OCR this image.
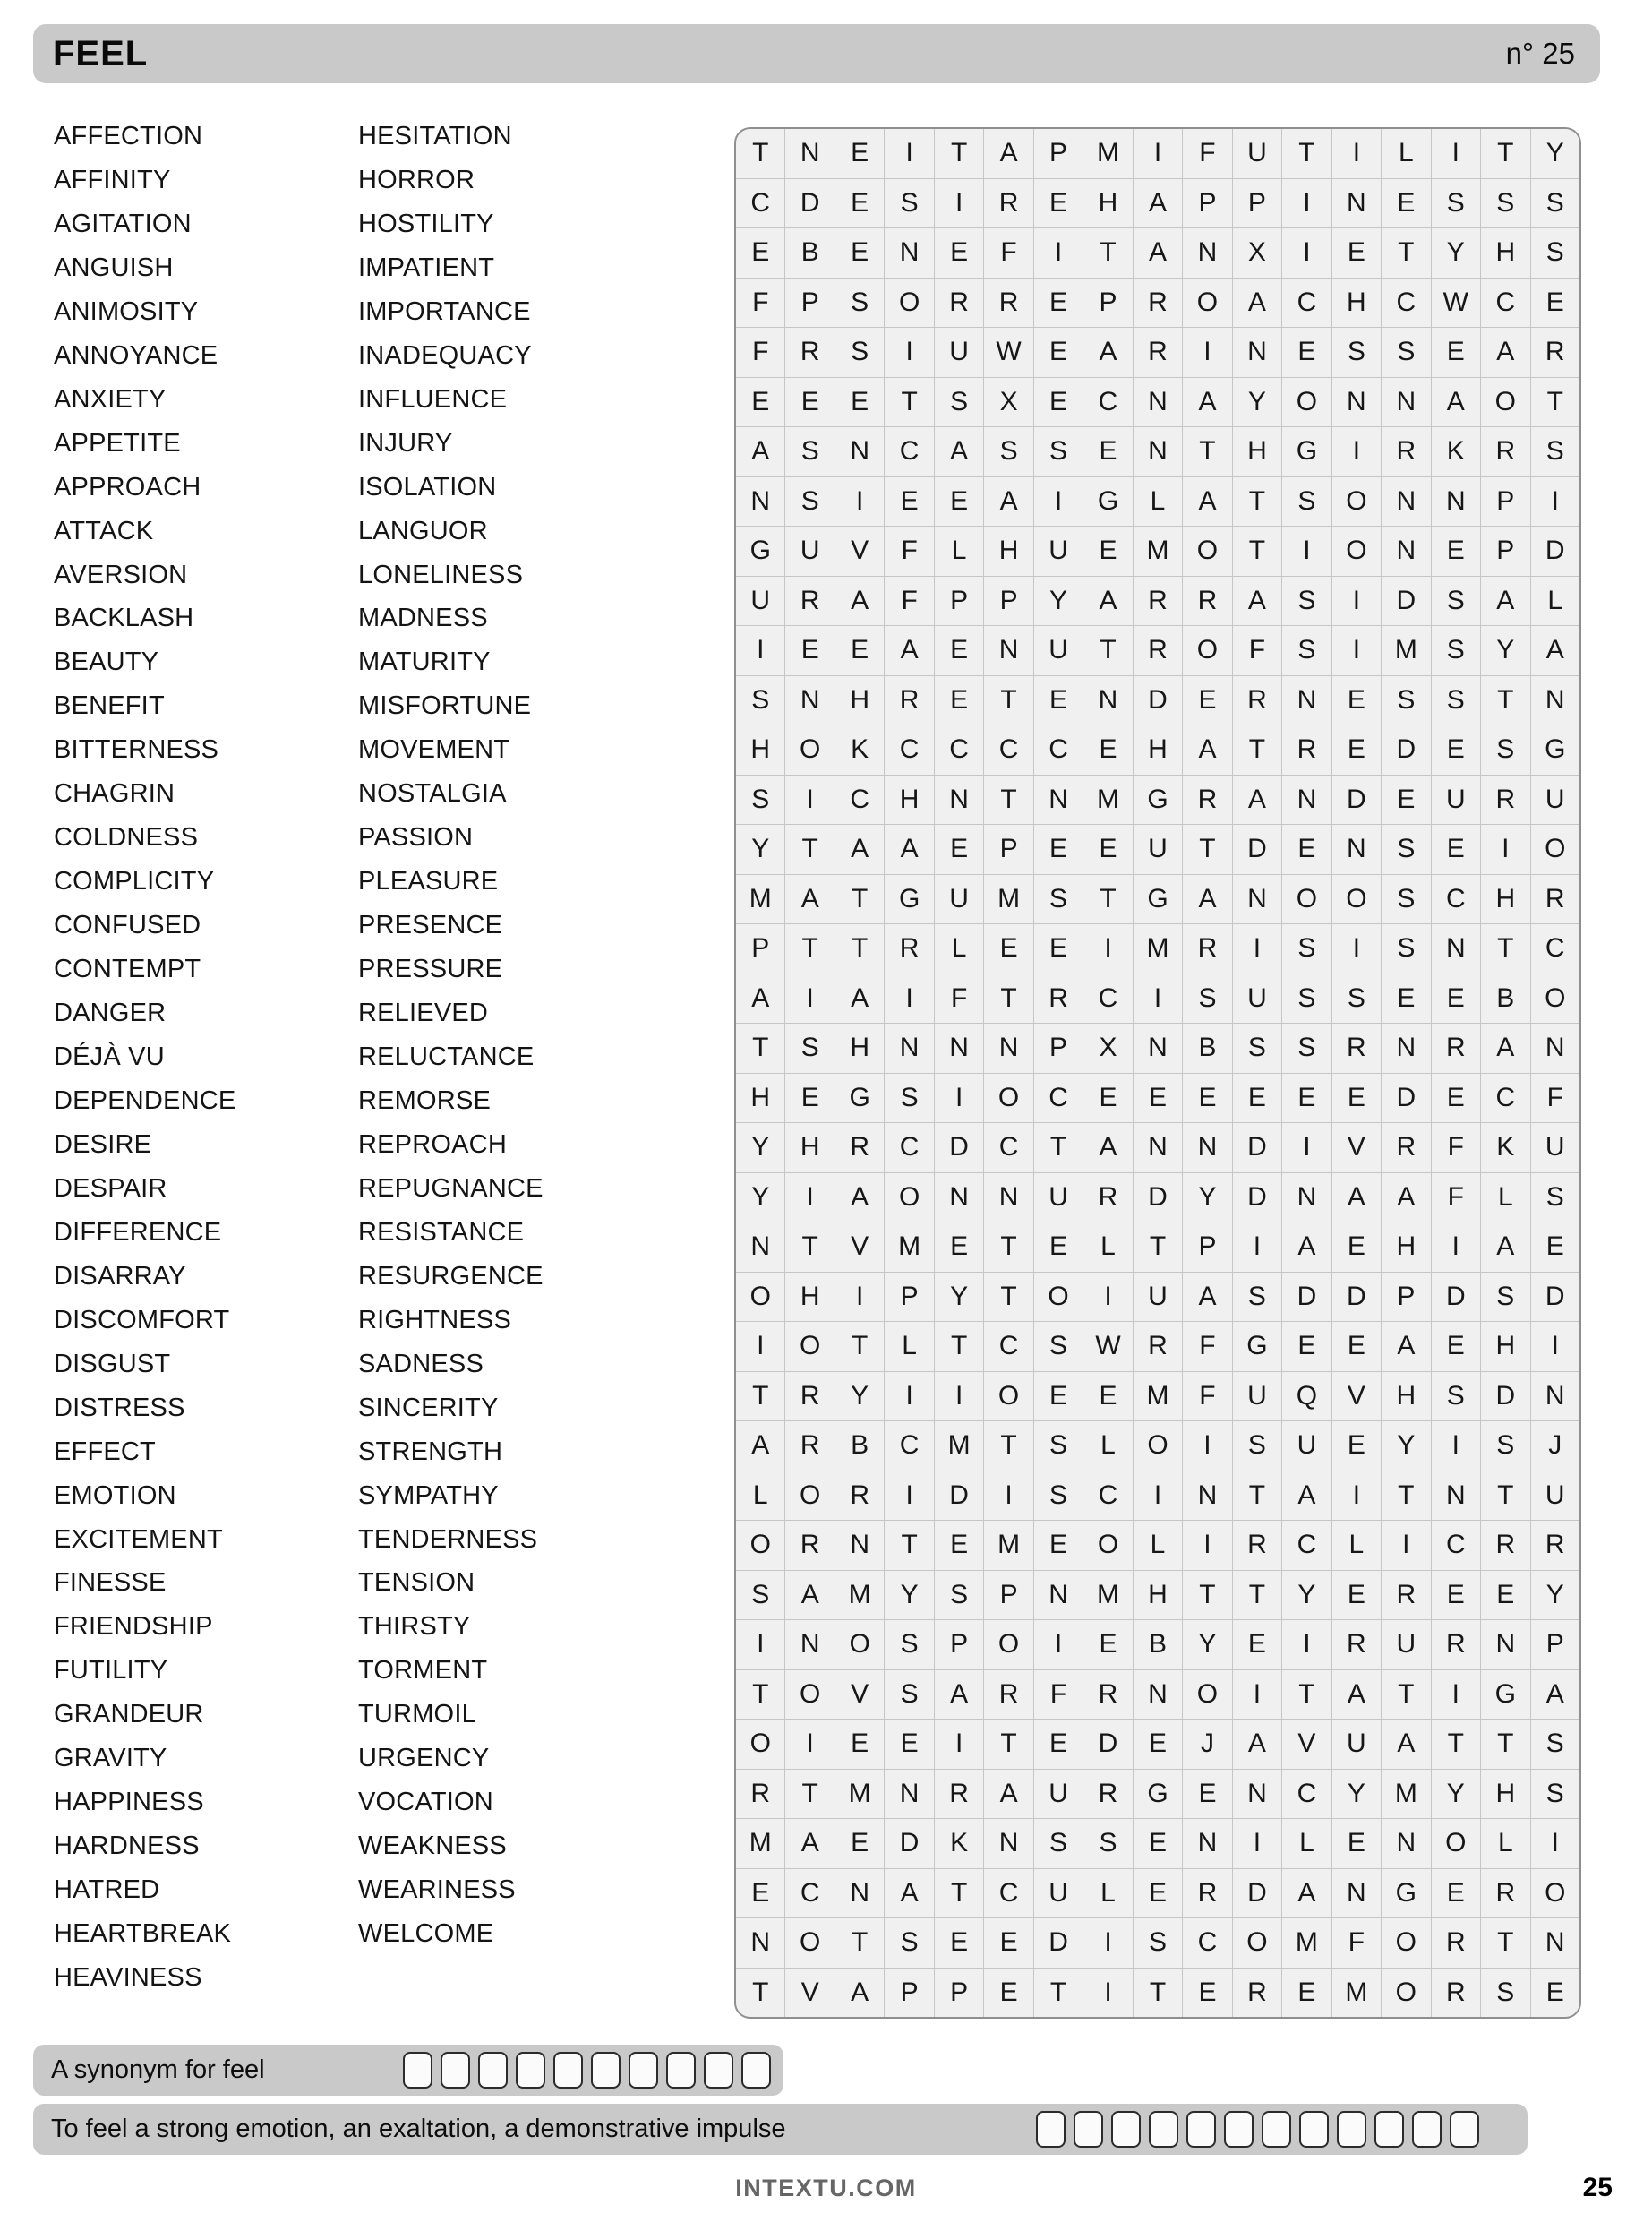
FEEL	n° 25
AFFECTION
AFFINITY
AGITATION
ANGUISH
ANIMOSITY
ANNOYANCE
ANXIETY
APPETITE
APPROACH
ATTACK
AVERSION
BACKLASH
BEAUTY
BENEFIT
BITTERNESS
CHAGRIN
COLDNESS
COMPLICITY
CONFUSED
CONTEMPT
DANGER
DÉJÀ VU
DEPENDENCE
DESIRE
DESPAIR
DIFFERENCE
DISARRAY
DISCOMFORT
DISGUST
DISTRESS
EFFECT
EMOTION
EXCITEMENT
FINESSE
FRIENDSHIP
FUTILITY
GRANDEUR
GRAVITY
HAPPINESS
HARDNESS
HATRED
HEARTBREAK
HEAVINESS
HESITATION
HORROR
HOSTILITY
IMPATIENT
IMPORTANCE
INADEQUACY
INFLUENCE
INJURY
ISOLATION
LANGUOR
LONELINESS
MADNESS
MATURITY
MISFORTUNE
MOVEMENT
NOSTALGIA
PASSION
PLEASURE
PRESENCE
PRESSURE
RELIEVED
RELUCTANCE
REMORSE
REPROACH
REPUGNANCE
RESISTANCE
RESURGENCE
RIGHTNESS
SADNESS
SINCERITY
STRENGTH
SYMPATHY
TENDERNESS
TENSION
THIRSTY
TORMENT
TURMOIL
URGENCY
VOCATION
WEAKNESS
WEARINESS
WELCOME
T	N	E	I	T	A	P	M	I	F	U	T	I	L	I	T	Y
C	D	E	S	I	R	E	H	A	P	P	I	N	E	S	S	S
E	B	E	N	E	F	I	T	A	N	X	I	E	T	Y	H	S
F	P	S	O	R	R	E	P	R	O	A	C	H	C	W	C	E
F	R	S	I	U	W	E	A	R	I	N	E	S	S	E	A	R
E	E	E	T	S	X	E	C	N	A	Y	O	N	N	A	O	T
A	S	N	C	A	S	S	E	N	T	H	G	I	R	K	R	S
N	S	I	E	E	A	I	G	L	A	T	S	O	N	N	P	I
G	U	V	F	L	H	U	E	M	O	T	I	O	N	E	P	D
U	R	A	F	P	P	Y	A	R	R	A	S	I	D	S	A	L
I	E	E	A	E	N	U	T	R	O	F	S	I	M	S	Y	A
S	N	H	R	E	T	E	N	D	E	R	N	E	S	S	T	N
H	O	K	C	C	C	C	E	H	A	T	R	E	D	E	S	G
S	I	C	H	N	T	N	M	G	R	A	N	D	E	U	R	U
Y	T	A	A	E	P	E	E	U	T	D	E	N	S	E	I	O
M	A	T	G	U	M	S	T	G	A	N	O	O	S	C	H	R
P	T	T	R	L	E	E	I	M	R	I	S	I	S	N	T	C
A	I	A	I	F	T	R	C	I	S	U	S	S	E	E	B	O
T	S	H	N	N	N	P	X	N	B	S	S	R	N	R	A	N
H	E	G	S	I	O	C	E	E	E	E	E	E	D	E	C	F
Y	H	R	C	D	C	T	A	N	N	D	I	V	R	F	K	U
Y	I	A	O	N	N	U	R	D	Y	D	N	A	A	F	L	S
N	T	V	M	E	T	E	L	T	P	I	A	E	H	I	A	E
O	H	I	P	Y	T	O	I	U	A	S	D	D	P	D	S	D
I	O	T	L	T	C	S	W	R	F	G	E	E	A	E	H	I
T	R	Y	I	I	O	E	E	M	F	U	Q	V	H	S	D	N
A	R	B	C	M	T	S	L	O	I	S	U	E	Y	I	S	J
L	O	R	I	D	I	S	C	I	N	T	A	I	T	N	T	U
O	R	N	T	E	M	E	O	L	I	R	C	L	I	C	R	R
S	A	M	Y	S	P	N	M	H	T	T	Y	E	R	E	E	Y
I	N	O	S	P	O	I	E	B	Y	E	I	R	U	R	N	P
T	O	V	S	A	R	F	R	N	O	I	T	A	T	I	G	A
O	I	E	E	I	T	E	D	E	J	A	V	U	A	T	T	S
R	T	M	N	R	A	U	R	G	E	N	C	Y	M	Y	H	S
M	A	E	D	K	N	S	S	E	N	I	L	E	N	O	L	I
E	C	N	A	T	C	U	L	E	R	D	A	N	G	E	R	O
N	O	T	S	E	E	D	I	S	C	O	M	F	O	R	T	N
T	V	A	P	P	E	T	I	T	E	R	E	M	O	R	S	E
A synonym for feel
To feel a strong emotion, an exaltation, a demonstrative impulse
INTEXTU.COM	25
